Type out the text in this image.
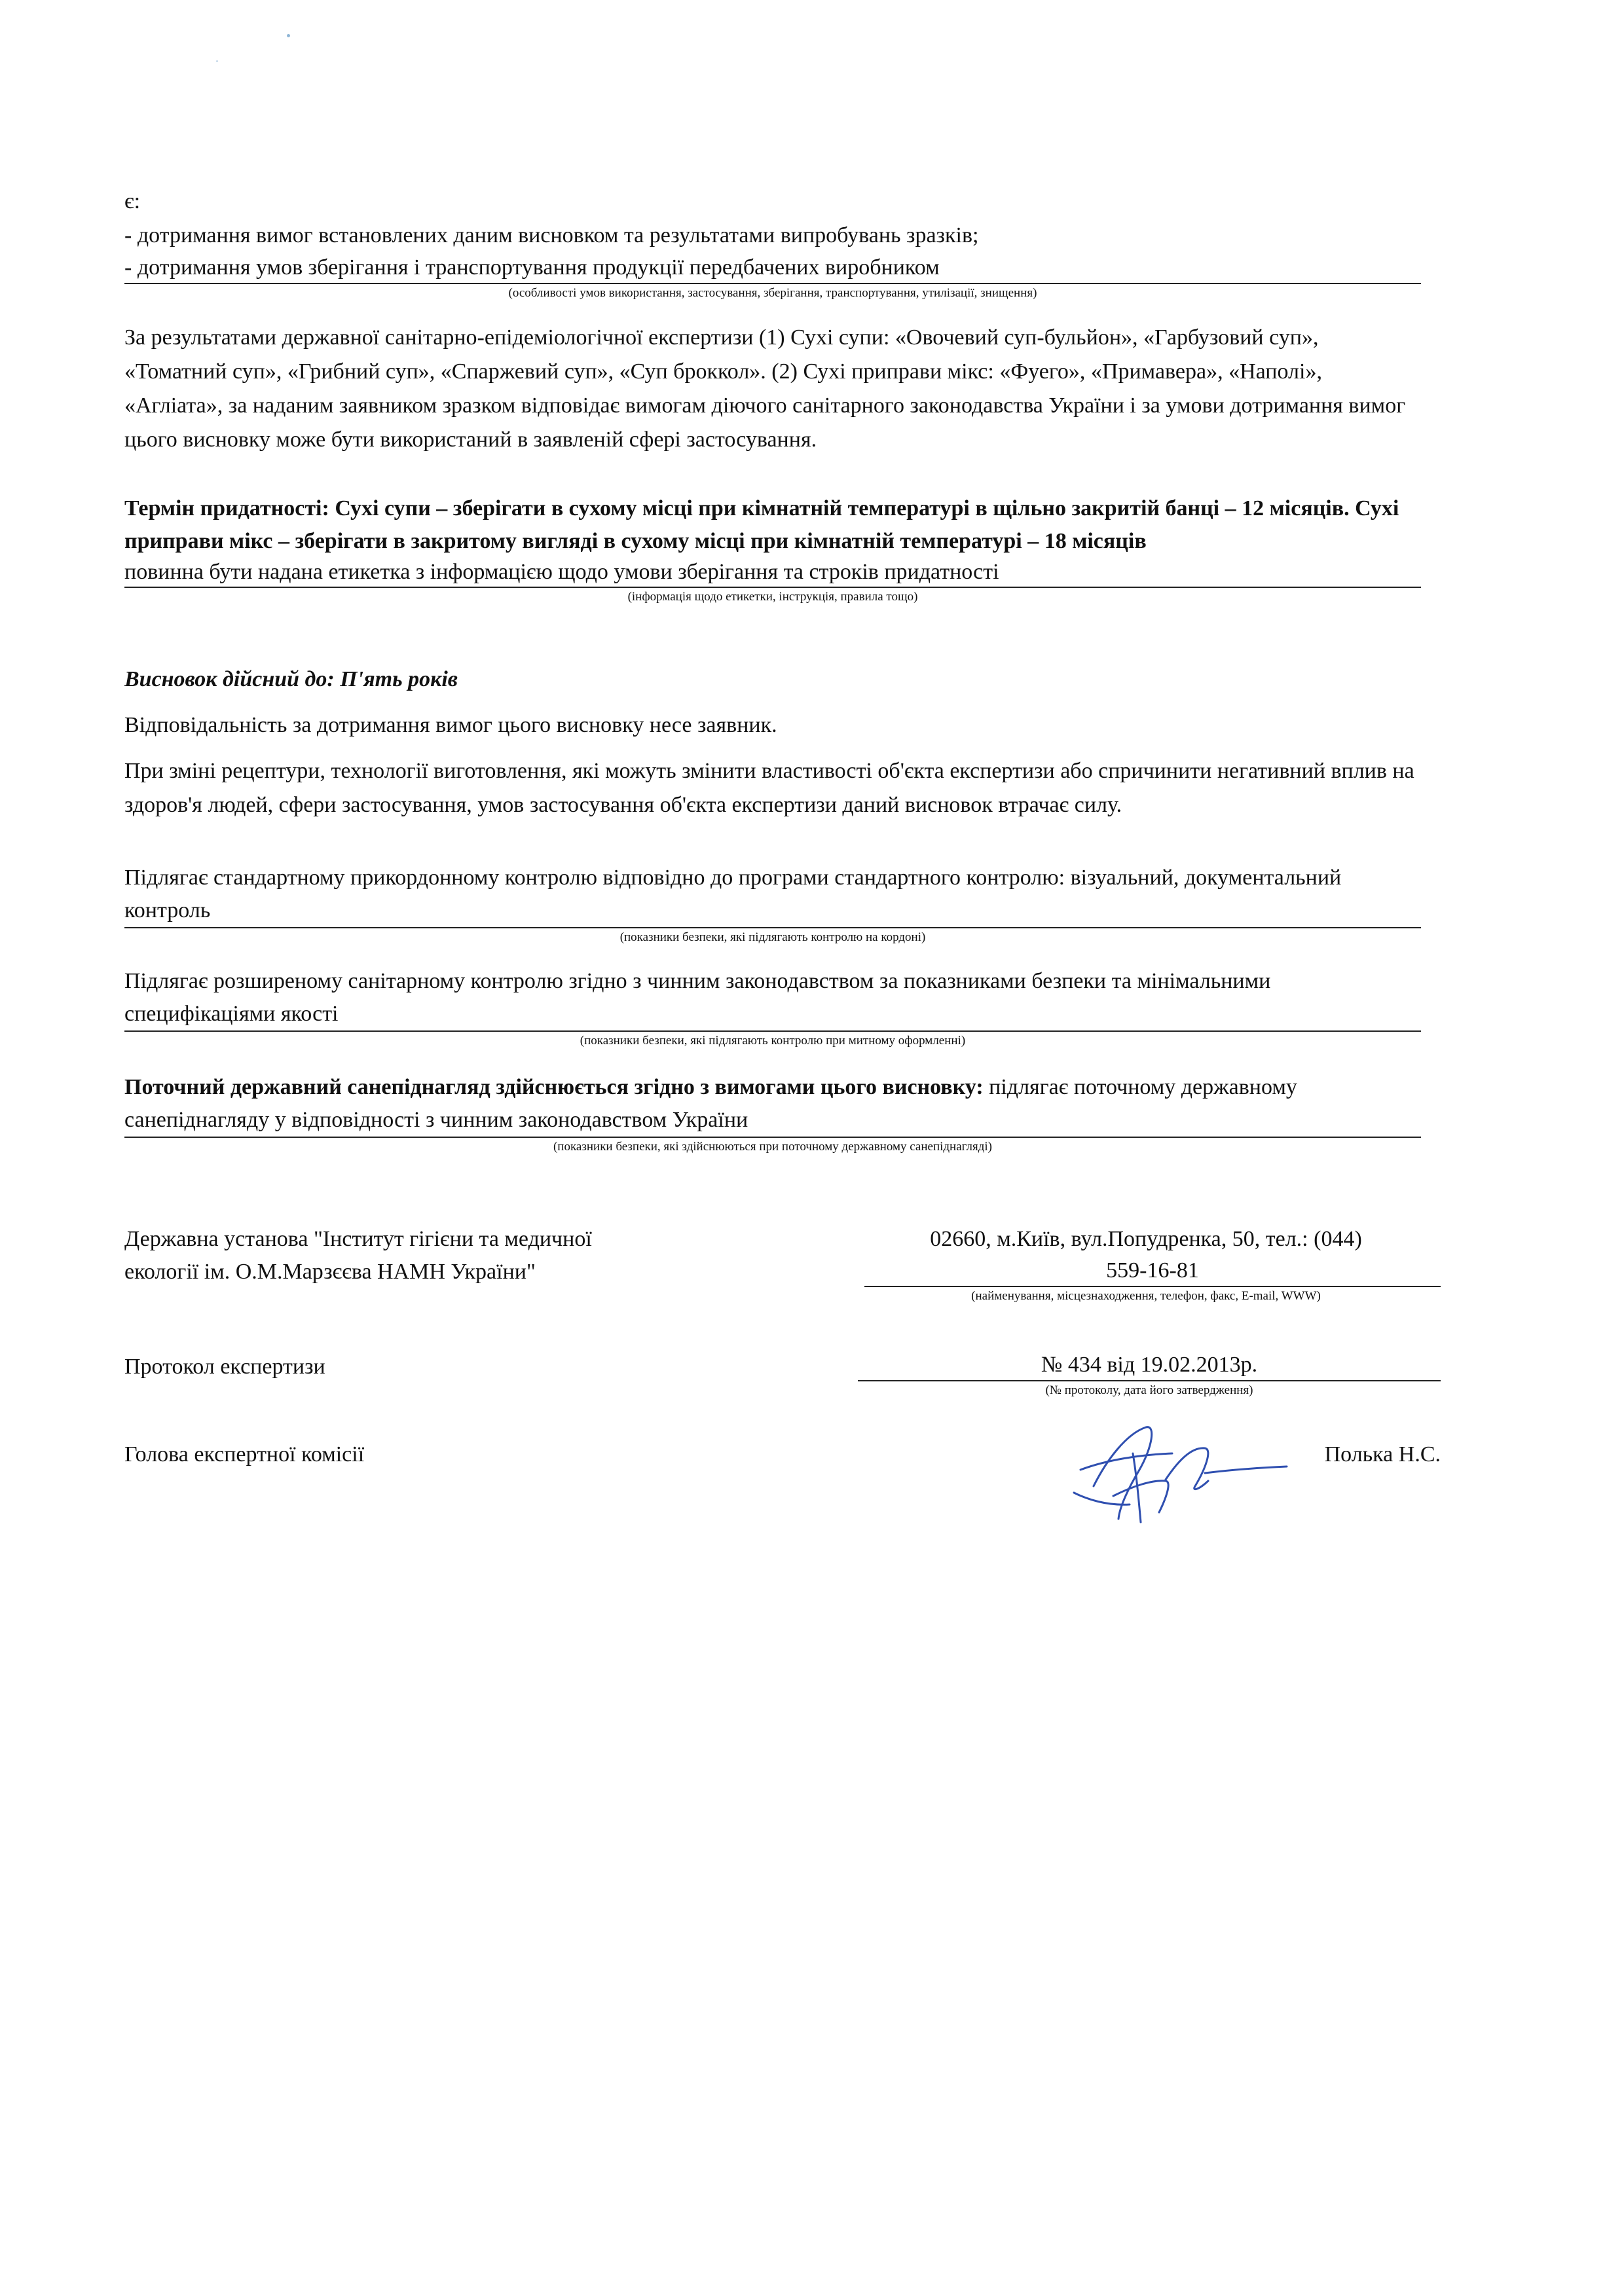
є:
- дотримання вимог встановлених даним висновком та результатами випробувань зразків;
- дотримання умов зберігання і транспортування продукції передбачених виробником
(особливості умов використання, застосування, зберігання, транспортування, утилізації, знищення)
За результатами державної санітарно-епідеміологічної експертизи (1) Сухі супи: «Овочевий суп-бульйон», «Гарбузовий суп», «Томатний суп», «Грибний суп», «Спаржевий суп», «Суп броккол». (2) Сухі приправи мікс: «Фуего», «Примавера», «Наполі», «Агліата», за наданим заявником зразком відповідає вимогам діючого санітарного законодавства України і за умови дотримання вимог цього висновку може бути використаний в заявленій сфері застосування.
Термін придатності: Сухі супи – зберігати в сухому місці при кімнатній температурі в щільно закритій банці – 12 місяців. Сухі приправи мікс – зберігати в закритому вигляді в сухому місці при кімнатній температурі – 18 місяців
повинна бути надана етикетка з інформацією щодо умови зберігання та строків придатності
(інформація щодо етикетки, інструкція, правила тощо)
Висновок дійсний до: П'ять років
Відповідальність за дотримання вимог цього висновку несе заявник.
При зміні рецептури, технології виготовлення, які можуть змінити властивості об'єкта експертизи або спричинити негативний вплив на здоров'я людей, сфери застосування, умов застосування об'єкта експертизи даний висновок втрачає силу.
Підлягає стандартному прикордонному контролю відповідно до програми стандартного контролю: візуальний, документальний контроль
(показники безпеки, які підлягають контролю на кордоні)
Підлягає розширеному санітарному контролю згідно з чинним законодавством за показниками безпеки та мінімальними специфікаціями якості
(показники безпеки, які підлягають контролю при митному оформленні)
Поточний державний санепіднагляд здійснюється згідно з вимогами цього висновку: підлягає поточному державному санепіднагляду у відповідності з чинним законодавством України
(показники безпеки, які здійснюються при поточному державному санепіднагляді)
Державна установа "Інститут гігієни та медичної
екології ім. О.М.Марзєєва НАМН України"
02660, м.Київ, вул.Попудренка, 50, тел.: (044)
559-16-81
(найменування, місцезнаходження, телефон, факс, E-mail, WWW)
Протокол експертизи	№ 434 від 19.02.2013р.
(№ протоколу, дата його затвердження)
Голова експертної комісії	Полька Н.С.
